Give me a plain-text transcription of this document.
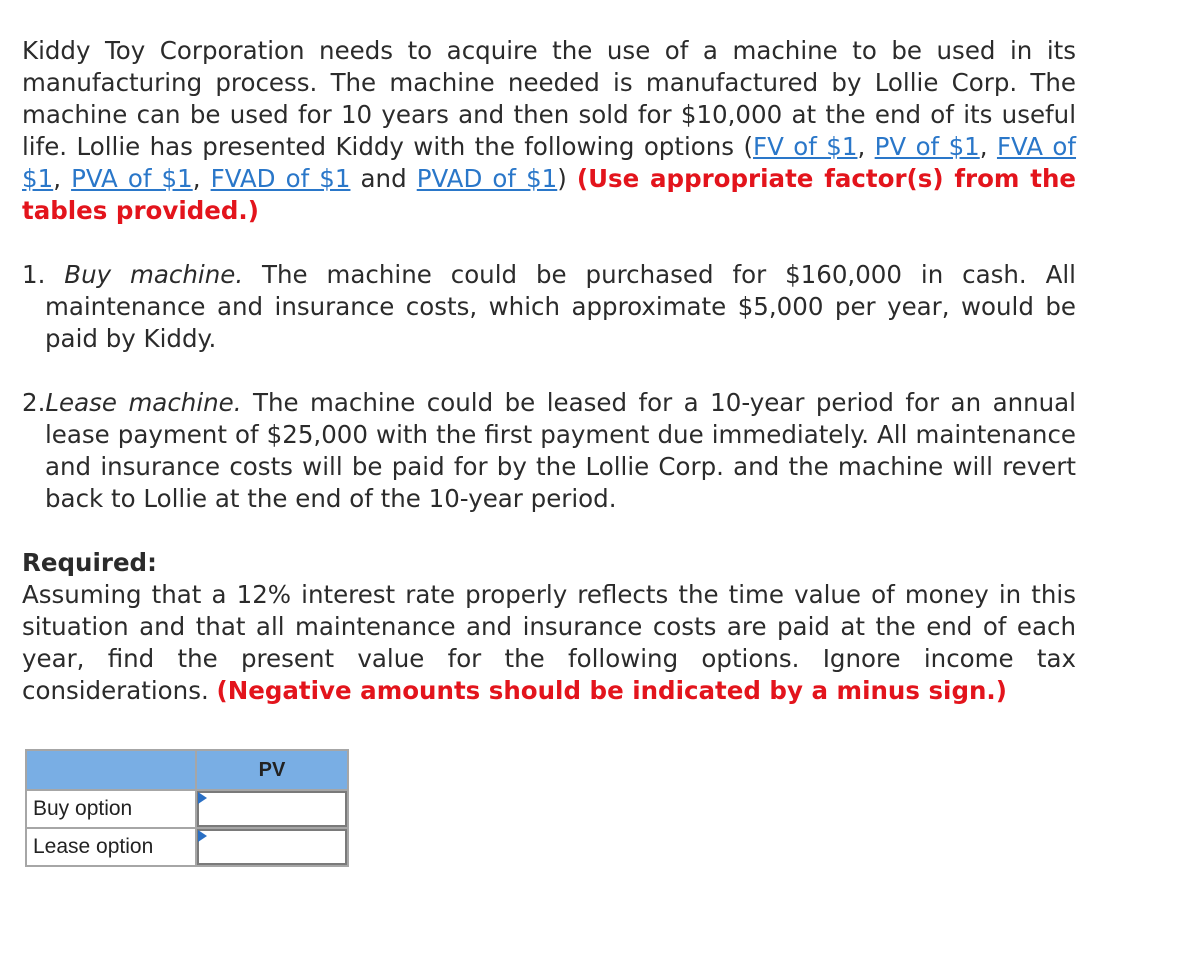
Kiddy Toy Corporation needs to acquire the use of a machine to be used in its manufacturing process. The machine needed is manufactured by Lollie Corp. The machine can be used for 10 years and then sold for $10,000 at the end of its useful life. Lollie has presented Kiddy with the following options (FV of $1, PV of $1, FVA of $1, PVA of $1, FVAD of $1 and PVAD of $1) (Use appropriate factor(s) from the tables provided.)

1. Buy machine. The machine could be purchased for $160,000 in cash. All maintenance and insurance costs, which approximate $5,000 per year, would be paid by Kiddy.

2.Lease machine. The machine could be leased for a 10-year period for an annual lease payment of $25,000 with the first payment due immediately. All maintenance and insurance costs will be paid for by the Lollie Corp. and the machine will revert back to Lollie at the end of the 10-year period.

Required:
Assuming that a 12% interest rate properly reflects the time value of money in this situation and that all maintenance and insurance costs are paid at the end of each year, find the present value for the following options. Ignore income tax considerations. (Negative amounts should be indicated by a minus sign.)

	PV
Buy option	

Lease option	
